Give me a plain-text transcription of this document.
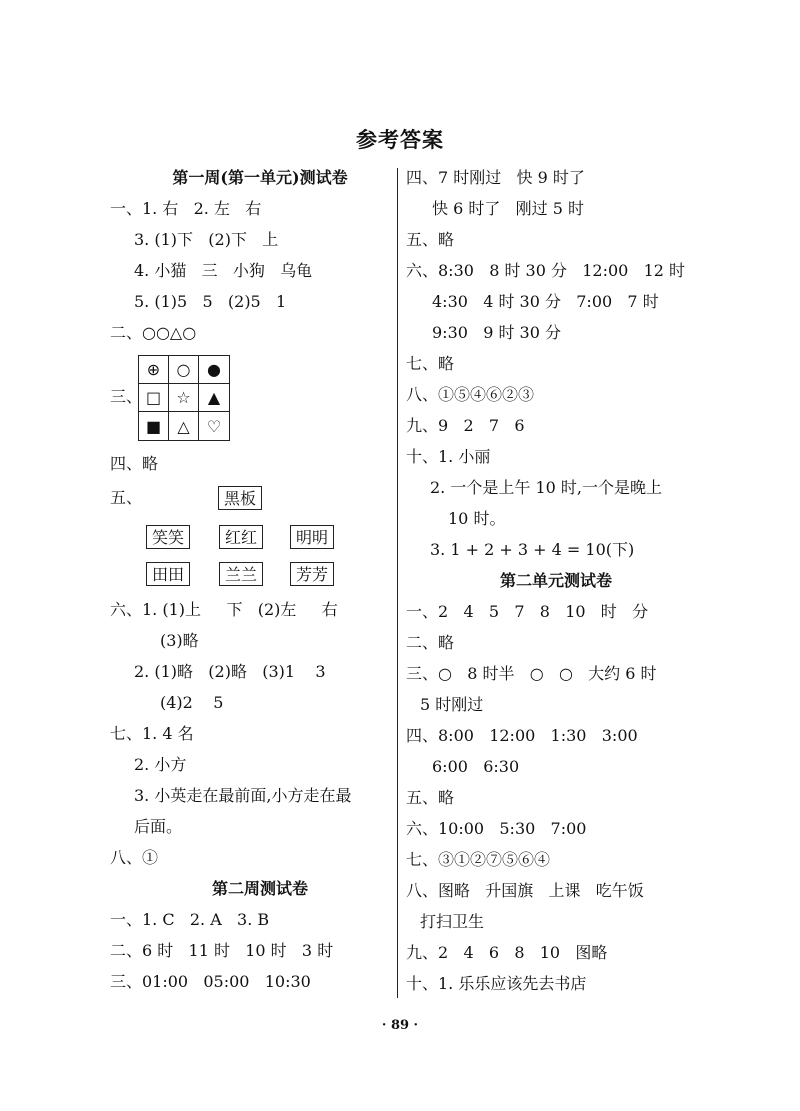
参考答案
第一周(第一单元)测试卷
一、1. 右   2. 左   右
3. (1)下   (2)下   上
4. 小猫   三   小狗   乌龟
5. (1)5   5   (2)5   1
二、○○△○
三、
⊕	○	●
□ ☆	▲
■	△	♡
四、略
五、	黑板
笑笑	红红	明明
田田	兰兰	芳芳
六、1. (1)上     下   (2)左     右
(3)略
2. (1)略   (2)略   (3)1    3
(4)2    5
七、1. 4 名
2. 小方
3. 小英走在最前面,小方走在最
后面。
八、①
第二周测试卷
一、1. C   2. A   3. B
二、6 时   11 时   10 时   3 时
三、01:00   05:00   10:30
四、7 时刚过   快 9 时了
快 6 时了   刚过 5 时
五、略
六、8:30   8 时 30 分   12:00   12 时
4:30   4 时 30 分   7:00   7 时
9:30   9 时 30 分
七、略
八、①⑤④⑥②③
九、9   2   7   6
十、1. 小丽
2. 一个是上午 10 时,一个是晚上
10 时。
3. 1 + 2 + 3 + 4 = 10(下)
第二单元测试卷
一、2   4   5   7   8   10   时   分
二、略
三、○   8 时半   ○   ○   大约 6 时
5 时刚过
四、8:00   12:00   1:30   3:00
6:00   6:30
五、略
六、10:00   5:30   7:00
七、③①②⑦⑤⑥④
八、图略   升国旗   上课   吃午饭
打扫卫生
九、2   4   6   8   10   图略
十、1. 乐乐应该先去书店
· 89 ·
